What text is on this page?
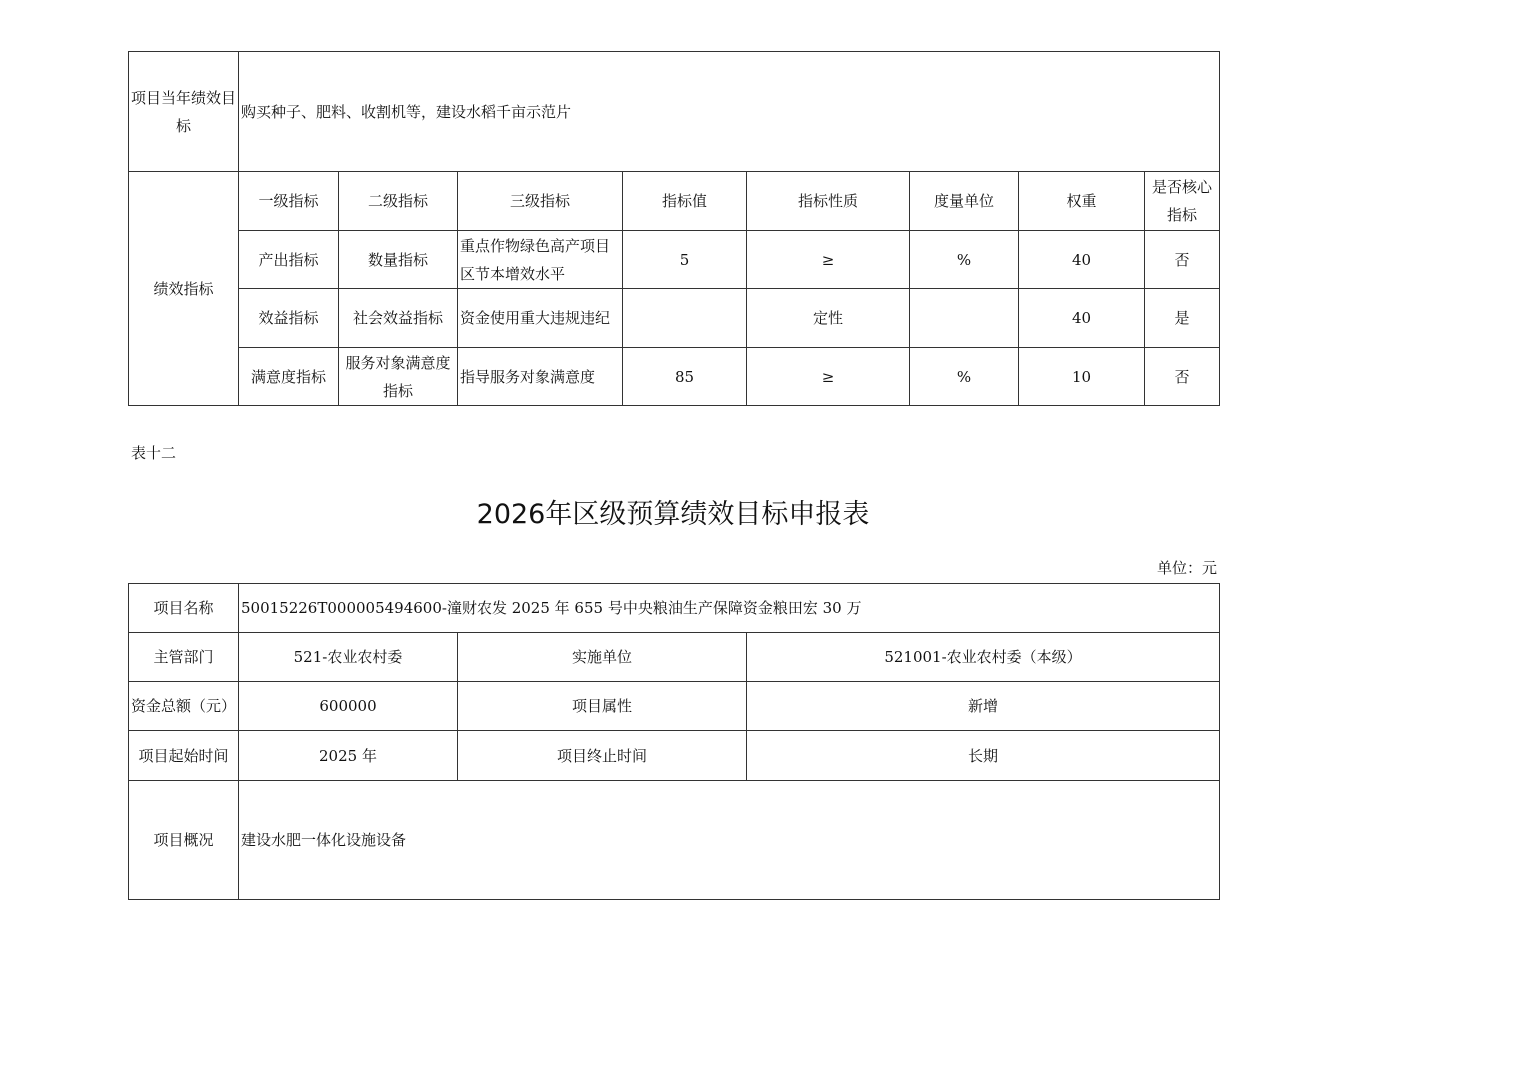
项目当年绩效目标	购买种子、肥料、收割机等，建设水稻千亩示范片							
绩效指标	一级指标	二级指标	三级指标	指标值	指标性质	度量单位	权重	是否核心指标
	产出指标	数量指标	重点作物绿色高产项目区节本增效水平	5	≥	%	40	否
	效益指标	社会效益指标	资金使用重大违规违纪		定性		40	是
	满意度指标	服务对象满意度指标	指导服务对象满意度	85	≥	%	10	否
表十二
2026年区级预算绩效目标申报表
单位：元
项目名称	50015226T000005494600-潼财农发 2025 年 655 号中央粮油生产保障资金粮田宏 30 万		
主管部门	521-农业农村委	实施单位	521001-农业农村委（本级）
资金总额（元）	600000	项目属性	新增
项目起始时间	2025 年	项目终止时间	长期
项目概况	建设水肥一体化设施设备		
